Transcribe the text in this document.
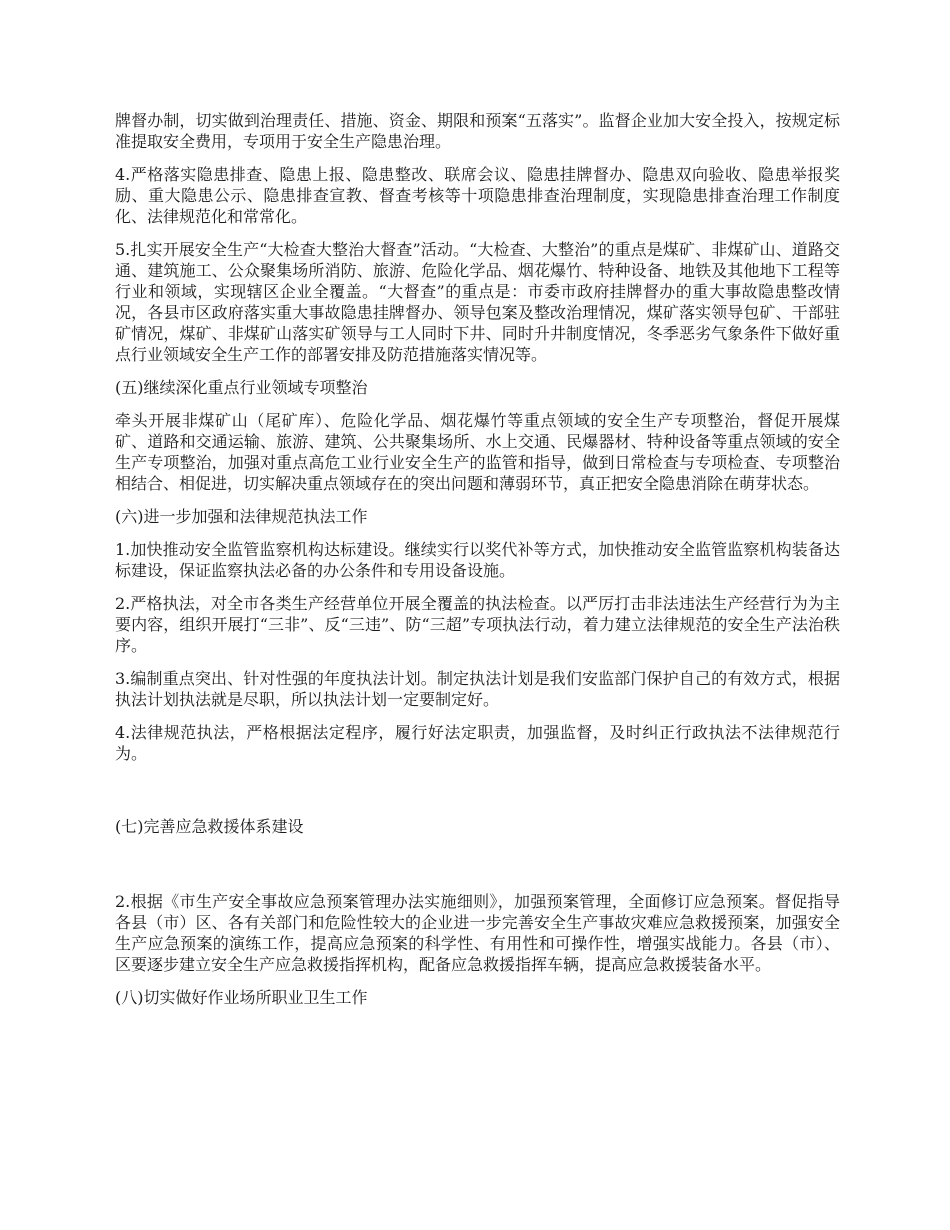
牌督办制，切实做到治理责任、措施、资金、期限和预案“五落实”。监督企业加大安全投入，按规定标准提取安全费用，专项用于安全生产隐患治理。

4.严格落实隐患排查、隐患上报、隐患整改、联席会议、隐患挂牌督办、隐患双向验收、隐患举报奖励、重大隐患公示、隐患排查宣教、督查考核等十项隐患排查治理制度，实现隐患排查治理工作制度化、法律规范化和常常化。

5.扎实开展安全生产“大检查大整治大督查”活动。“大检查、大整治”的重点是煤矿、非煤矿山、道路交通、建筑施工、公众聚集场所消防、旅游、危险化学品、烟花爆竹、特种设备、地铁及其他地下工程等行业和领域，实现辖区企业全覆盖。“大督查”的重点是：市委市政府挂牌督办的重大事故隐患整改情况，各县市区政府落实重大事故隐患挂牌督办、领导包案及整改治理情况，煤矿落实领导包矿、干部驻矿情况，煤矿、非煤矿山落实矿领导与工人同时下井、同时升井制度情况，冬季恶劣气象条件下做好重点行业领域安全生产工作的部署安排及防范措施落实情况等。

(五)继续深化重点行业领域专项整治

牵头开展非煤矿山（尾矿库）、危险化学品、烟花爆竹等重点领域的安全生产专项整治，督促开展煤矿、道路和交通运输、旅游、建筑、公共聚集场所、水上交通、民爆器材、特种设备等重点领域的安全生产专项整治，加强对重点高危工业行业安全生产的监管和指导，做到日常检查与专项检查、专项整治相结合、相促进，切实解决重点领域存在的突出问题和薄弱环节，真正把安全隐患消除在萌芽状态。

(六)进一步加强和法律规范执法工作

1.加快推动安全监管监察机构达标建设。继续实行以奖代补等方式，加快推动安全监管监察机构装备达标建设，保证监察执法必备的办公条件和专用设备设施。

2.严格执法，对全市各类生产经营单位开展全覆盖的执法检查。以严厉打击非法违法生产经营行为为主要内容，组织开展打“三非”、反“三违”、防“三超”专项执法行动，着力建立法律规范的安全生产法治秩序。

3.编制重点突出、针对性强的年度执法计划。制定执法计划是我们安监部门保护自己的有效方式，根据执法计划执法就是尽职，所以执法计划一定要制定好。

4.法律规范执法，严格根据法定程序，履行好法定职责，加强监督，及时纠正行政执法不法律规范行为。

(七)完善应急救援体系建设

2.根据《市生产安全事故应急预案管理办法实施细则》，加强预案管理，全面修订应急预案。督促指导各县（市）区、各有关部门和危险性较大的企业进一步完善安全生产事故灾难应急救援预案，加强安全生产应急预案的演练工作，提高应急预案的科学性、有用性和可操作性，增强实战能力。各县（市）、区要逐步建立安全生产应急救援指挥机构，配备应急救援指挥车辆，提高应急救援装备水平。

(八)切实做好作业场所职业卫生工作
